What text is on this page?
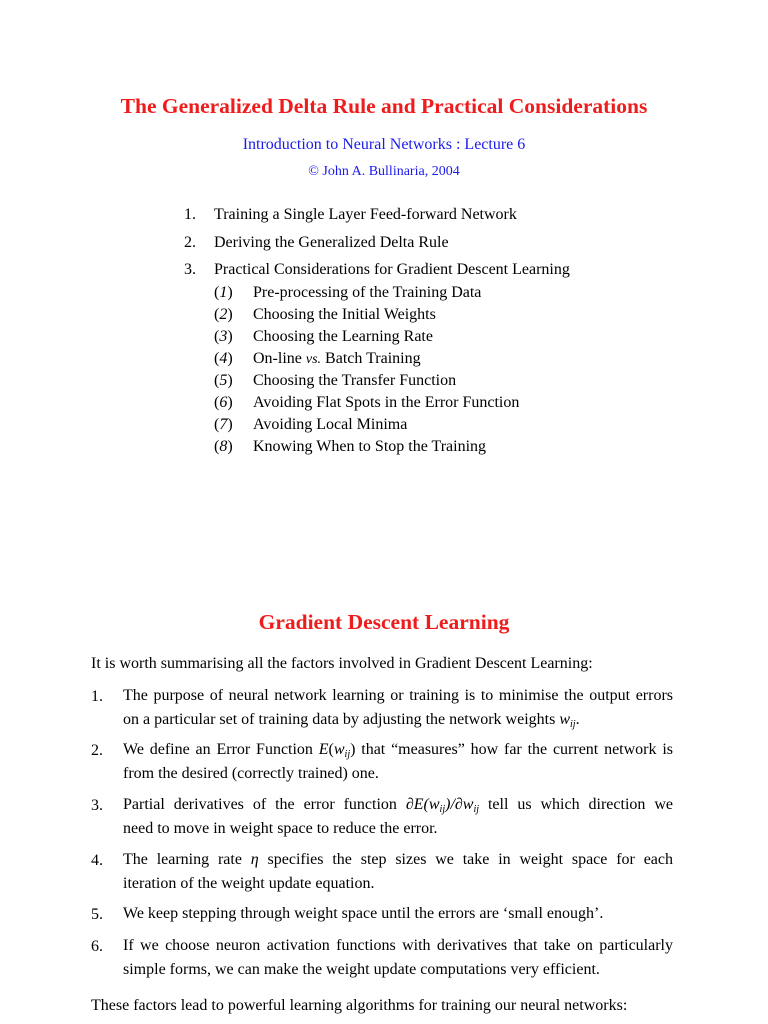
The Generalized Delta Rule and Practical Considerations
Introduction to Neural Networks : Lecture 6
© John A. Bullinaria, 2004
1. Training a Single Layer Feed-forward Network
2. Deriving the Generalized Delta Rule
3. Practical Considerations for Gradient Descent Learning
(1) Pre-processing of the Training Data
(2) Choosing the Initial Weights
(3) Choosing the Learning Rate
(4) On-line vs. Batch Training
(5) Choosing the Transfer Function
(6) Avoiding Flat Spots in the Error Function
(7) Avoiding Local Minima
(8) Knowing When to Stop the Training
Gradient Descent Learning
It is worth summarising all the factors involved in Gradient Descent Learning:
1. The purpose of neural network learning or training is to minimise the output errors
on a particular set of training data by adjusting the network weights $w_{ij}$.
2. We define an Error Function $E(w_{ij})$ that “measures” how far the current network is
from the desired (correctly trained) one.
3. Partial derivatives of the error function $\partial E(w_{ij})/\partial w_{ij}$ tell us which direction we
need to move in weight space to reduce the error.
4. The learning rate η specifies the step sizes we take in weight space for each
iteration of the weight update equation.
5. We keep stepping through weight space until the errors are ‘small enough’.
6. If we choose neuron activation functions with derivatives that take on particularly
simple forms, we can make the weight update computations very efficient.
These factors lead to powerful learning algorithms for training our neural networks:
